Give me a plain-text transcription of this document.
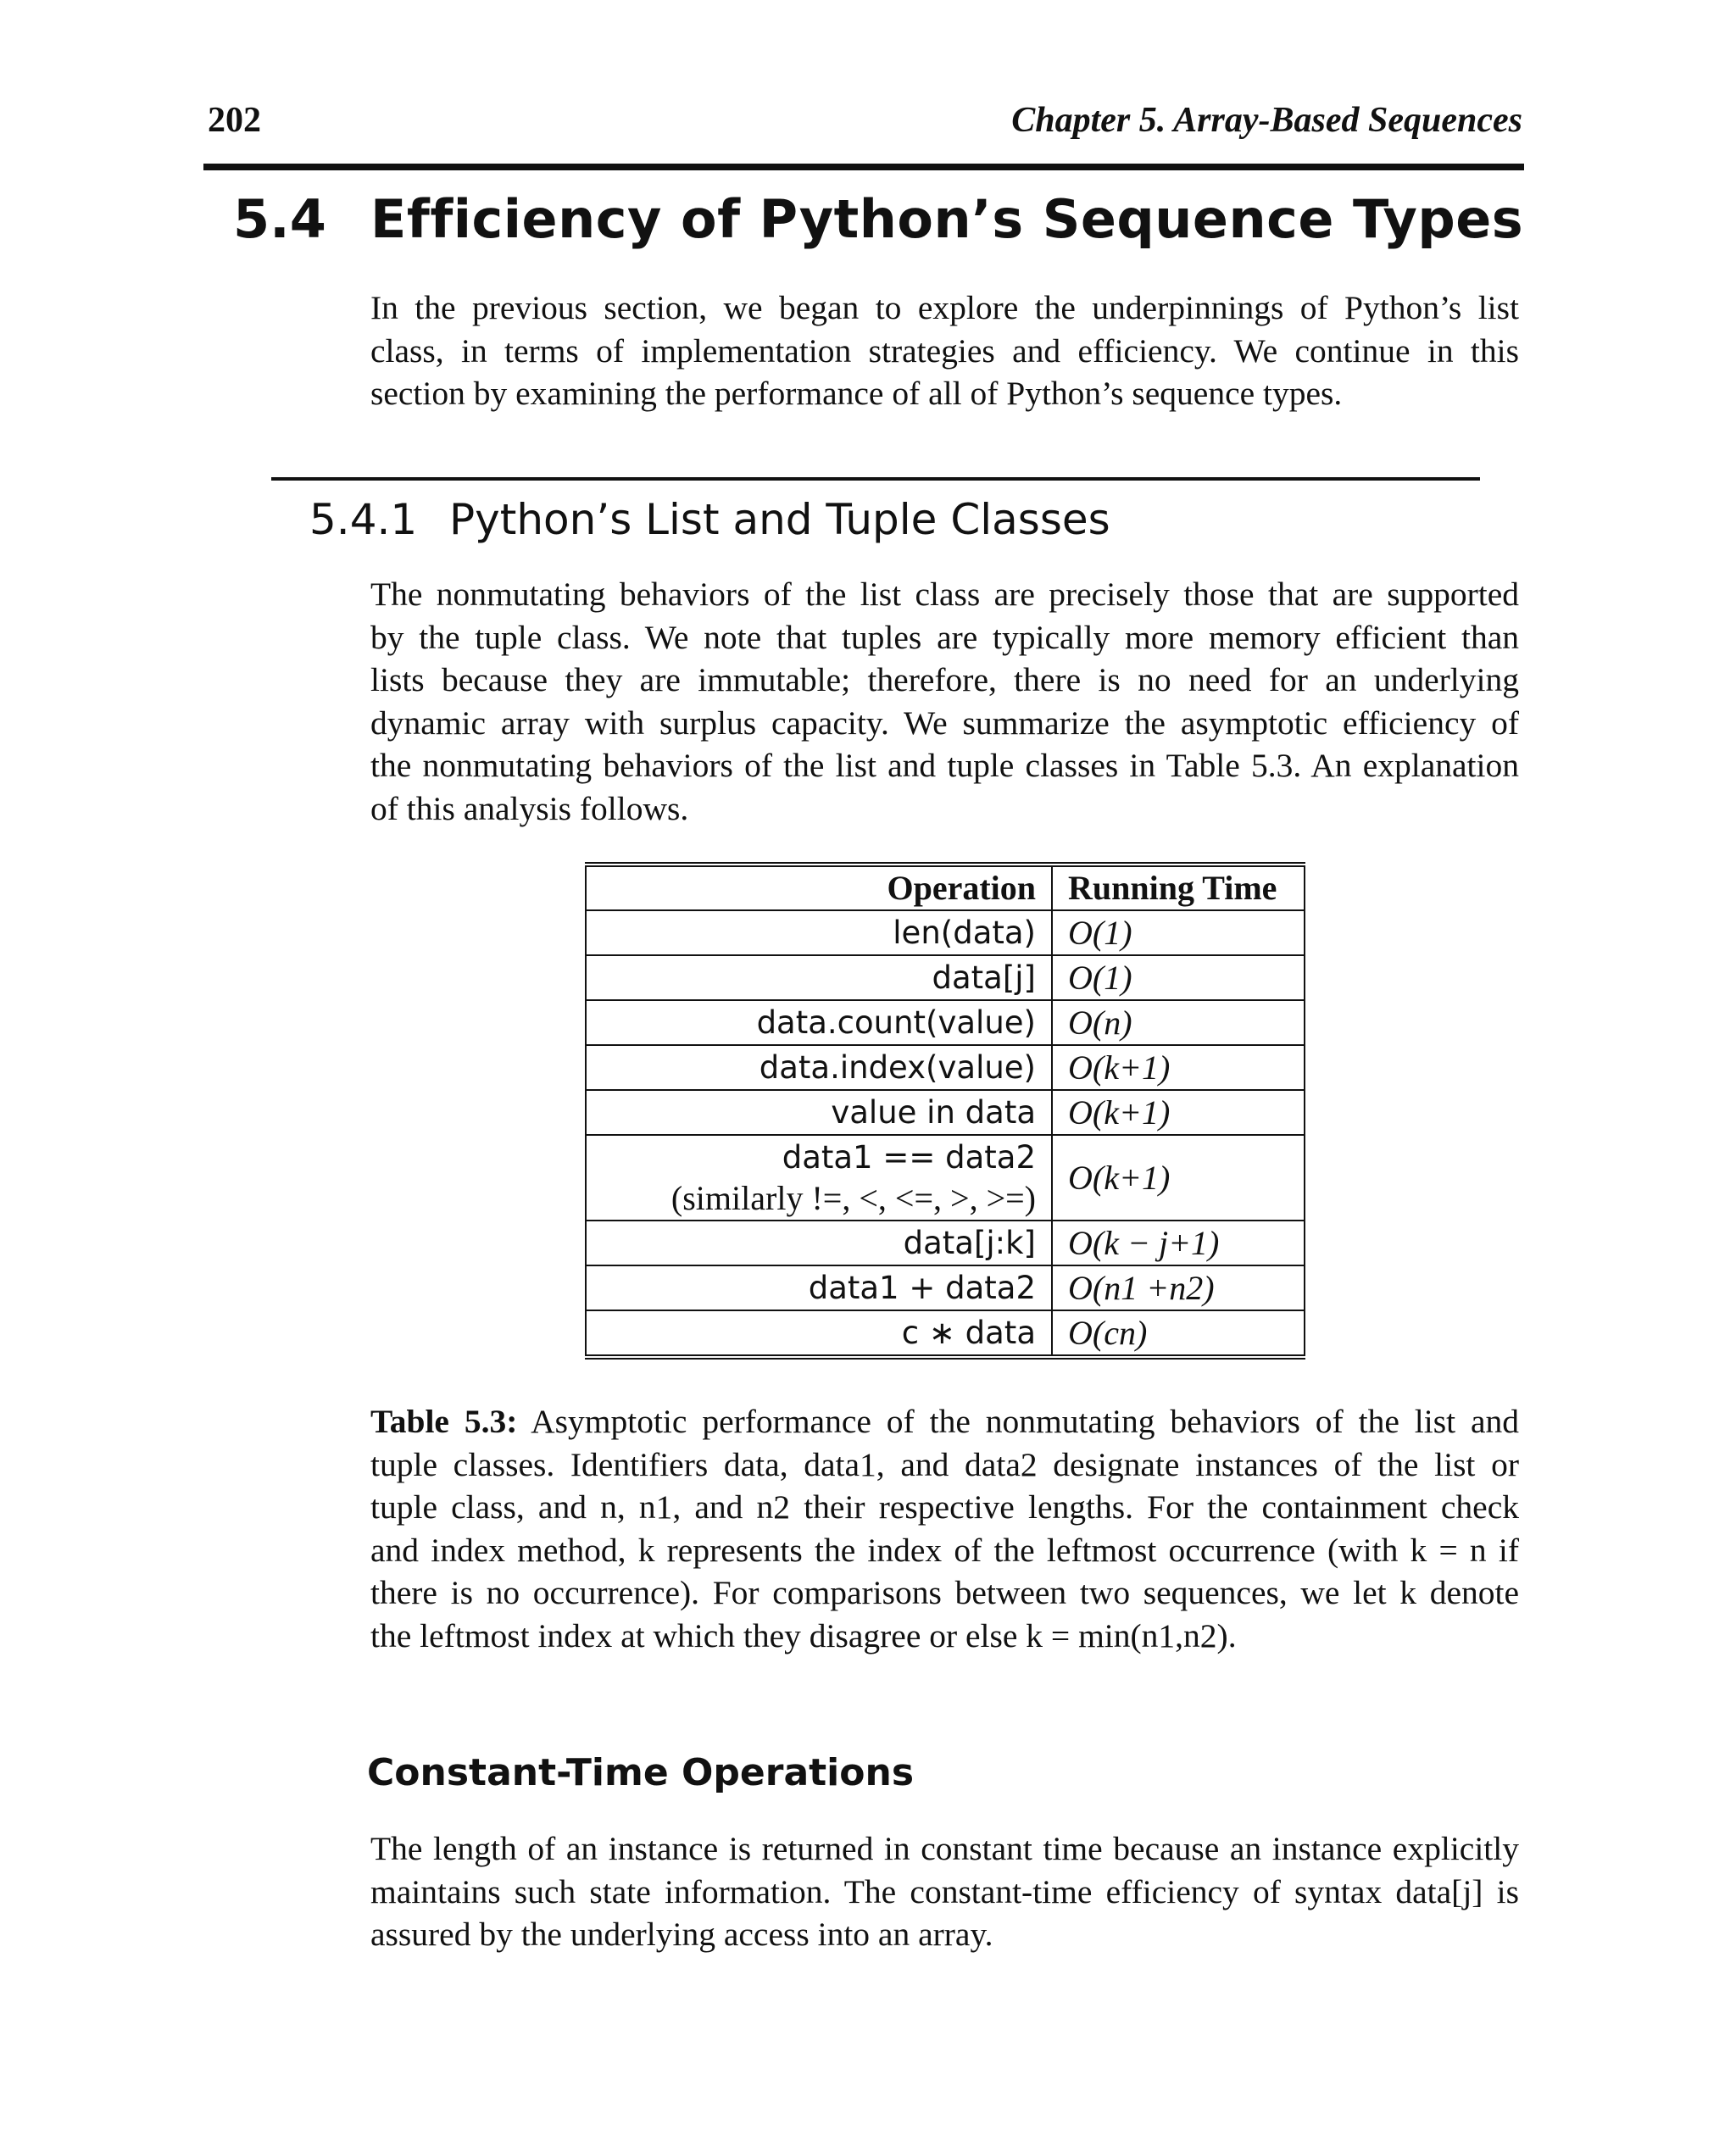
202	Chapter 5. Array-Based Sequences
5.4 Efficiency of Python’s Sequence Types
In the previous section, we began to explore the underpinnings of Python’s list
class, in terms of implementation strategies and efficiency. We continue in this
section by examining the performance of all of Python’s sequence types.
5.4.1 Python’s List and Tuple Classes
The nonmutating behaviors of the list class are precisely those that are supported
by the tuple class. We note that tuples are typically more memory efficient than
lists because they are immutable; therefore, there is no need for an underlying
dynamic array with surplus capacity. We summarize the asymptotic efficiency of
the nonmutating behaviors of the list and tuple classes in Table 5.3. An explanation
of this analysis follows.
Operation	Running Time
len(data)	O(1)
data[j]	O(1)
data.count(value)	O(n)
data.index(value)	O(k+1)
value in data	O(k+1)
data1 == data2
(similarly !=, <, <=, >, >=)	O(k+1)
data[j:k]	O(k − j+1)
data1 + data2	O(n1 +n2)
c ∗ data	O(cn)
Table 5.3: Asymptotic performance of the nonmutating behaviors of the list and
tuple classes. Identifiers data, data1, and data2 designate instances of the list or
tuple class, and n, n1, and n2 their respective lengths. For the containment check
and index method, k represents the index of the leftmost occurrence (with k = n if
there is no occurrence). For comparisons between two sequences, we let k denote
the leftmost index at which they disagree or else k = min(n1,n2).
Constant-Time Operations
The length of an instance is returned in constant time because an instance explicitly
maintains such state information. The constant-time efficiency of syntax data[j] is
assured by the underlying access into an array.
